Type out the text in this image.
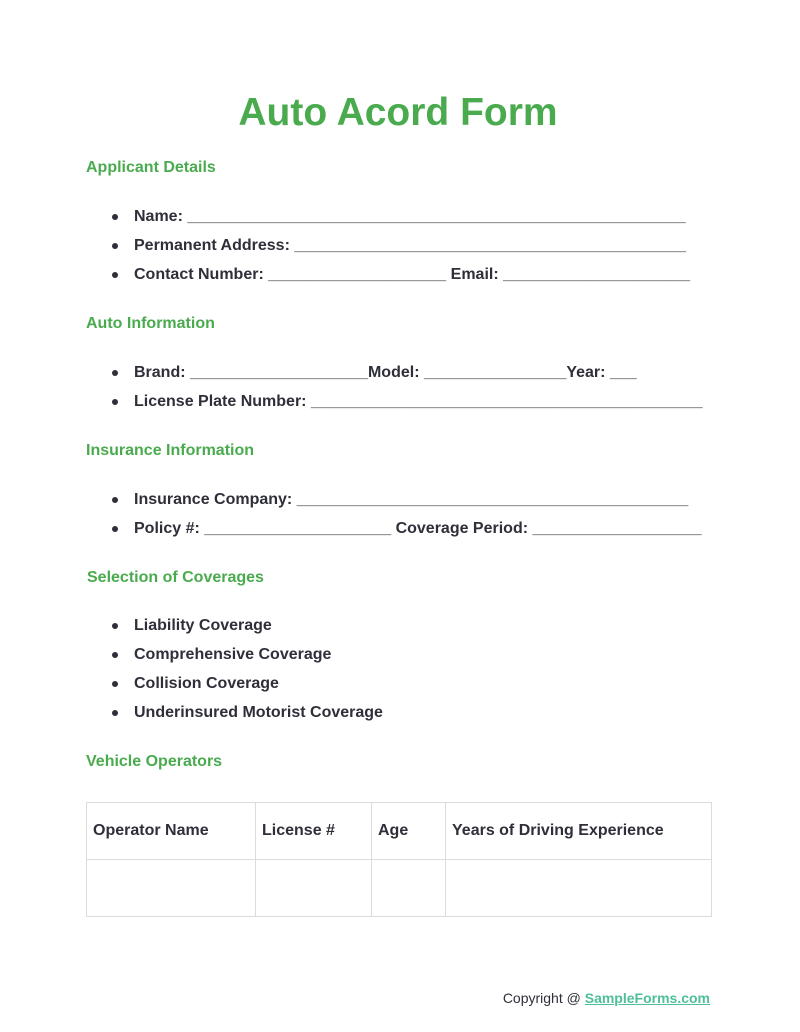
Auto Acord Form
Applicant Details
Name: ________________________________________________________
Permanent Address: ____________________________________________
Contact Number: ____________________ Email: _____________________
Auto Information
Brand: ____________________Model: ________________Year: ___
License Plate Number: ____________________________________________
Insurance Information
Insurance Company: ____________________________________________
Policy #: _____________________ Coverage Period: ___________________
Selection of Coverages
Liability Coverage
Comprehensive Coverage
Collision Coverage
Underinsured Motorist Coverage
Vehicle Operators
Operator Name	License #	Age	Years of Driving Experience

Copyright @ SampleForms.com
